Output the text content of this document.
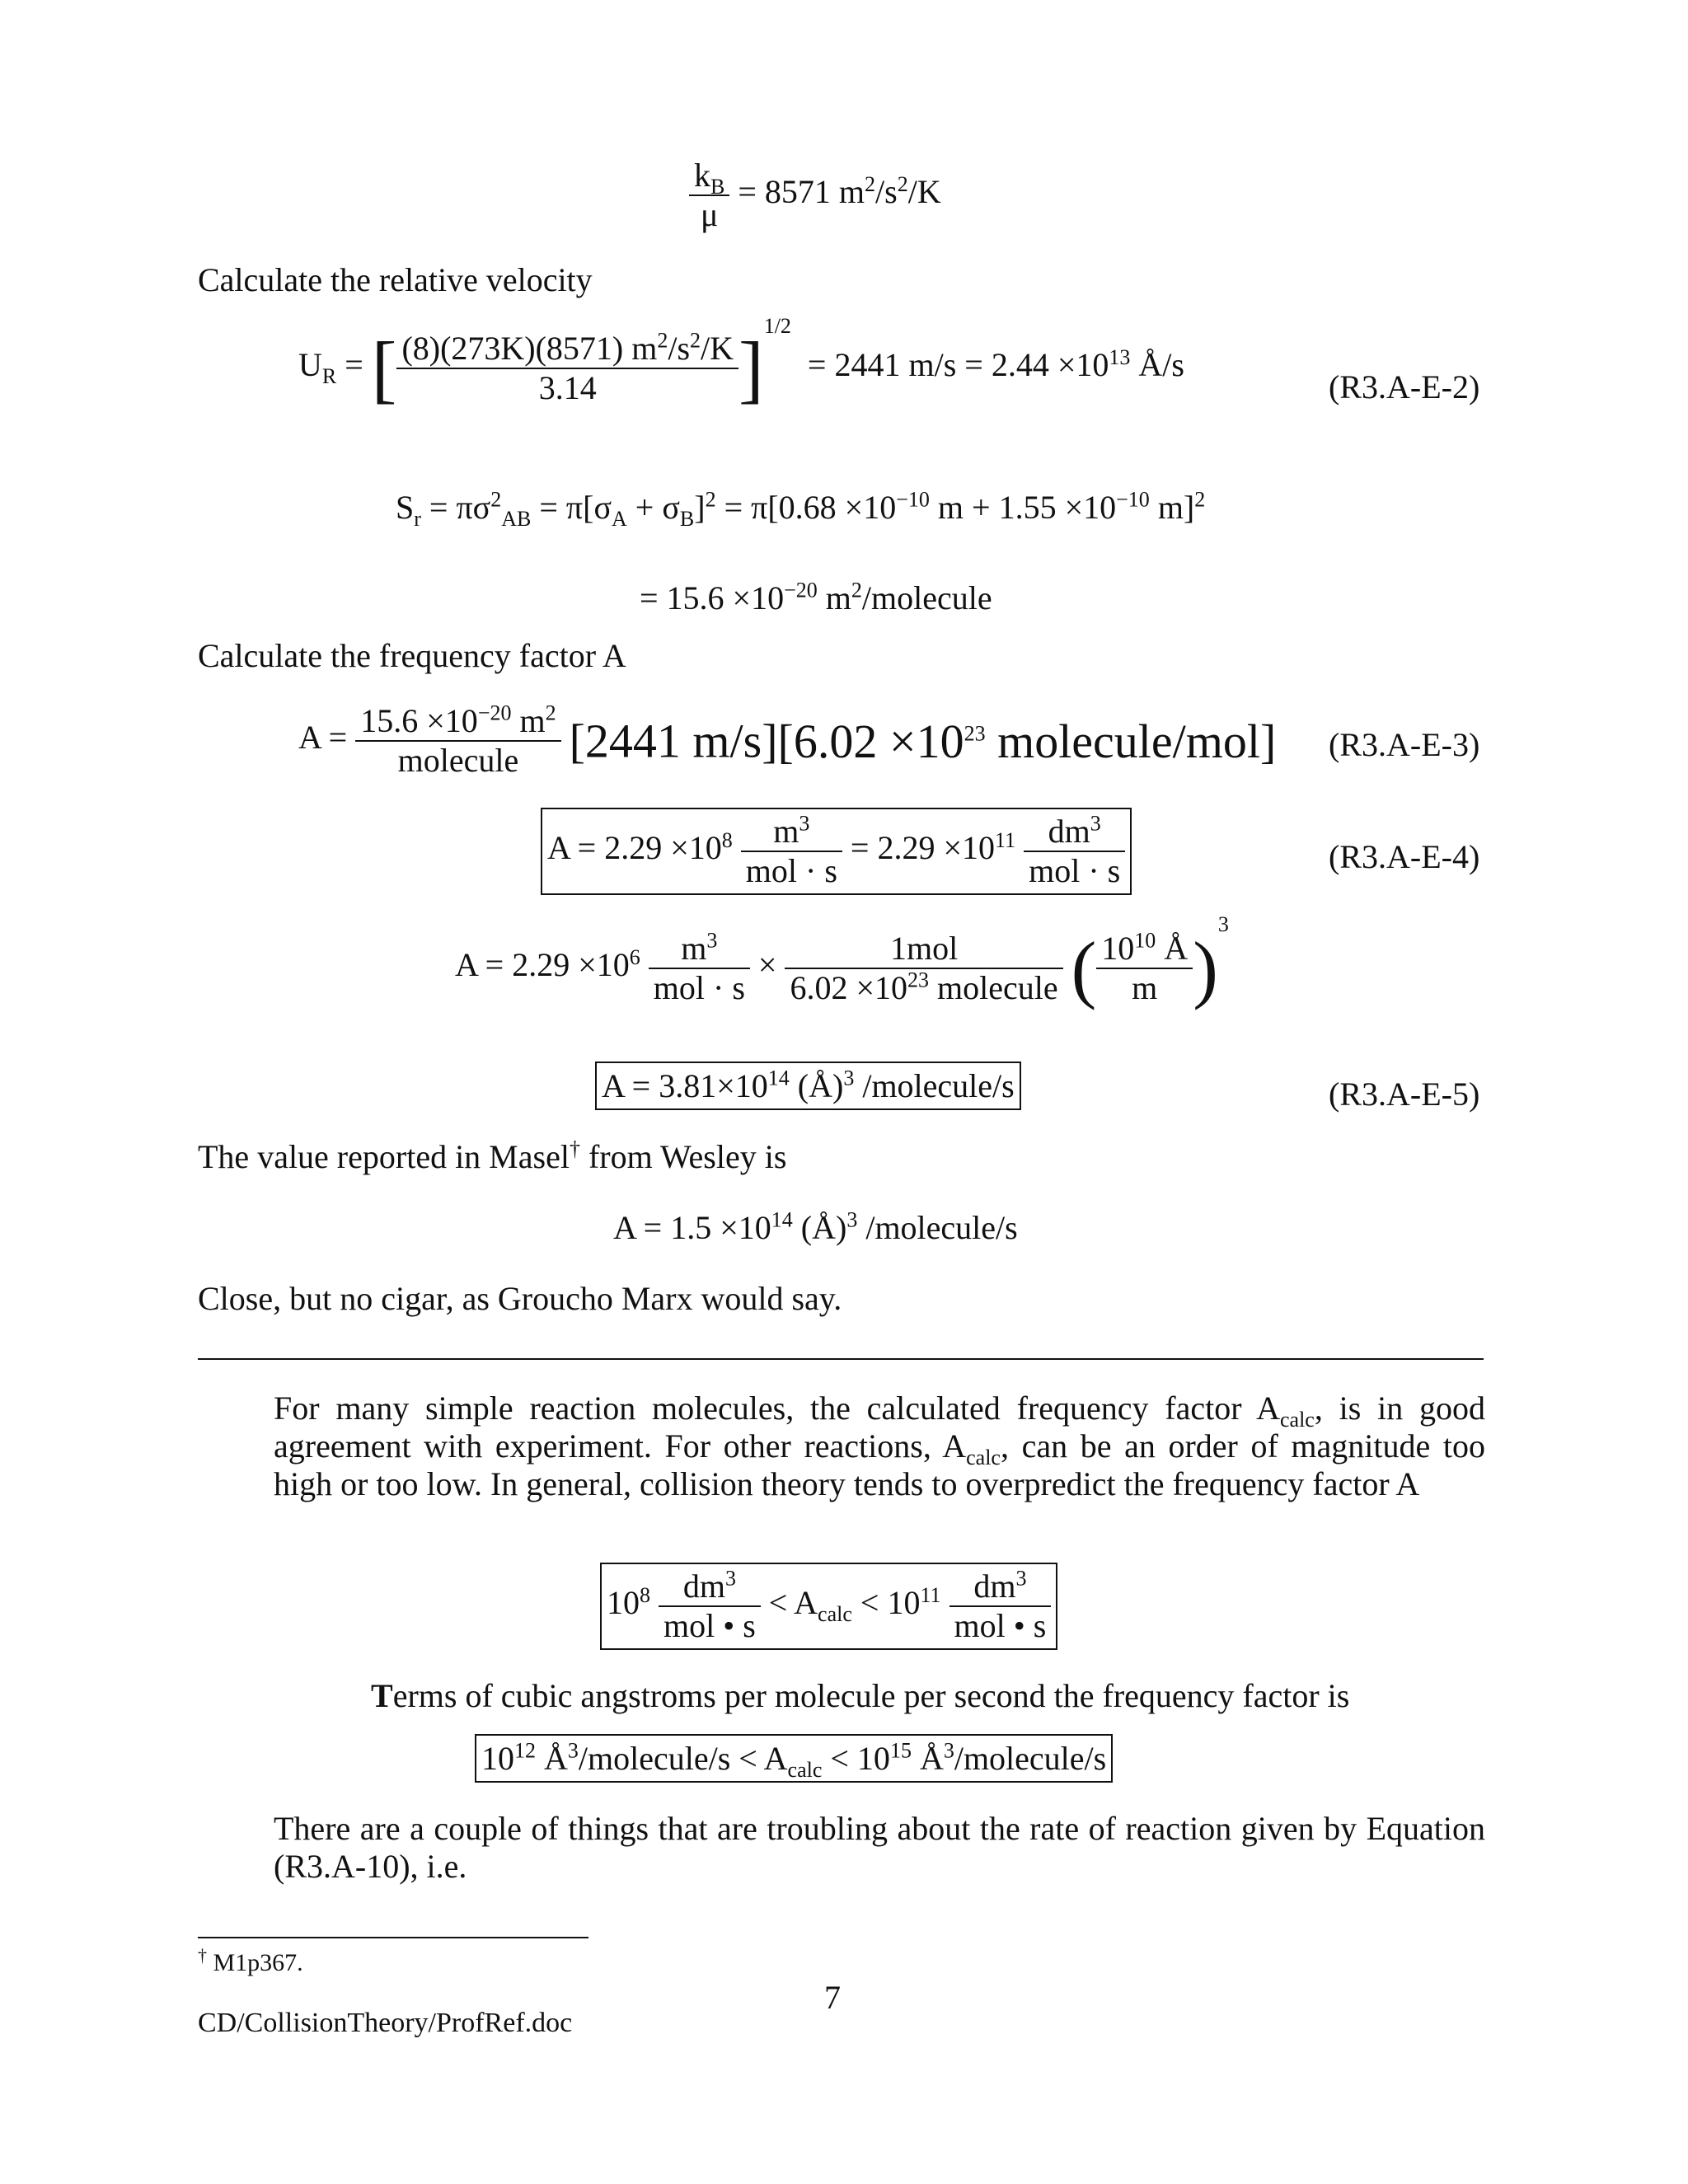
$\frac{k_B}{\mu} = 8571$ $m^2/s^2/K$
Calculate the relative velocity
$U_R$ = [ $\frac{(8)(273K)(8571) m^2/s^2/K}{3.14} ]^{1/2} = 2441$ $m/s = 2.44 \times 10^{13}$ Å/s
(R3.A-E-2)
$S_r = \pi\sigma^2_{AB} = \pi[\sigma_A + \sigma_B]^2 = \pi[0.68 \times 10^{-10}$ $m + 1.55 \times 10^{-10}$ m]$^2$
= $15.6 \times 10^{-20}$ $m^2$/molecule
Calculate the frequency factor A
$A = \frac{15.6 \times 10^{-20} m^2}{\text{molecule}} [2441$ $m/s][6.02 \times 10^{23}$ molecule/mol] (R3.A-E-3)
$A = 2.29 \times 10^8 \frac{m^3}{\text{mol · s}} = 2.29 \times 10^{11} \frac{dm^3}{\text{mol · s}}$	(R3.A-E-4)
$A = 2.29 \times 10^6 \frac{m^3}{\text{mol · s}} \times \frac{\text{1mol}}{6.02 \times 10^{23} molecule}$ ( $\frac{10^{10} Å}{m} )^3$
$A = 3.81\times 10^{14}$ (Å)$^3$ /molecule/s	(R3.A-E-5)
The value reported in Masel† from Wesley is
$A = 1.5 \times 10^{14}$ (Å)$^3$ /molecule/s
Close, but no cigar, as Groucho Marx would say.
For many simple reaction molecules, the calculated frequency factor $A_{calc}$, is in good agreement with experiment. For other reactions, $A_{calc}$, can be an order of magnitude too high or too low. In general, collision theory tends to overpredict the frequency factor A
$10^8 \frac{dm^3}{\text{mol • s}} < A_{calc} < 10^{11} \frac{dm^3}{\text{mol • s}}$
Terms of cubic angstroms per molecule per second the frequency factor is
$10^{12}$ $Å^3/molecule/s < A_{calc} < 10^{15}$ $Å^3/molecule/s$
There are a couple of things that are troubling about the rate of reaction given by Equation (R3.A-10), i.e.
† M1p367.
7
CD/CollisionTheory/ProfRef.doc
